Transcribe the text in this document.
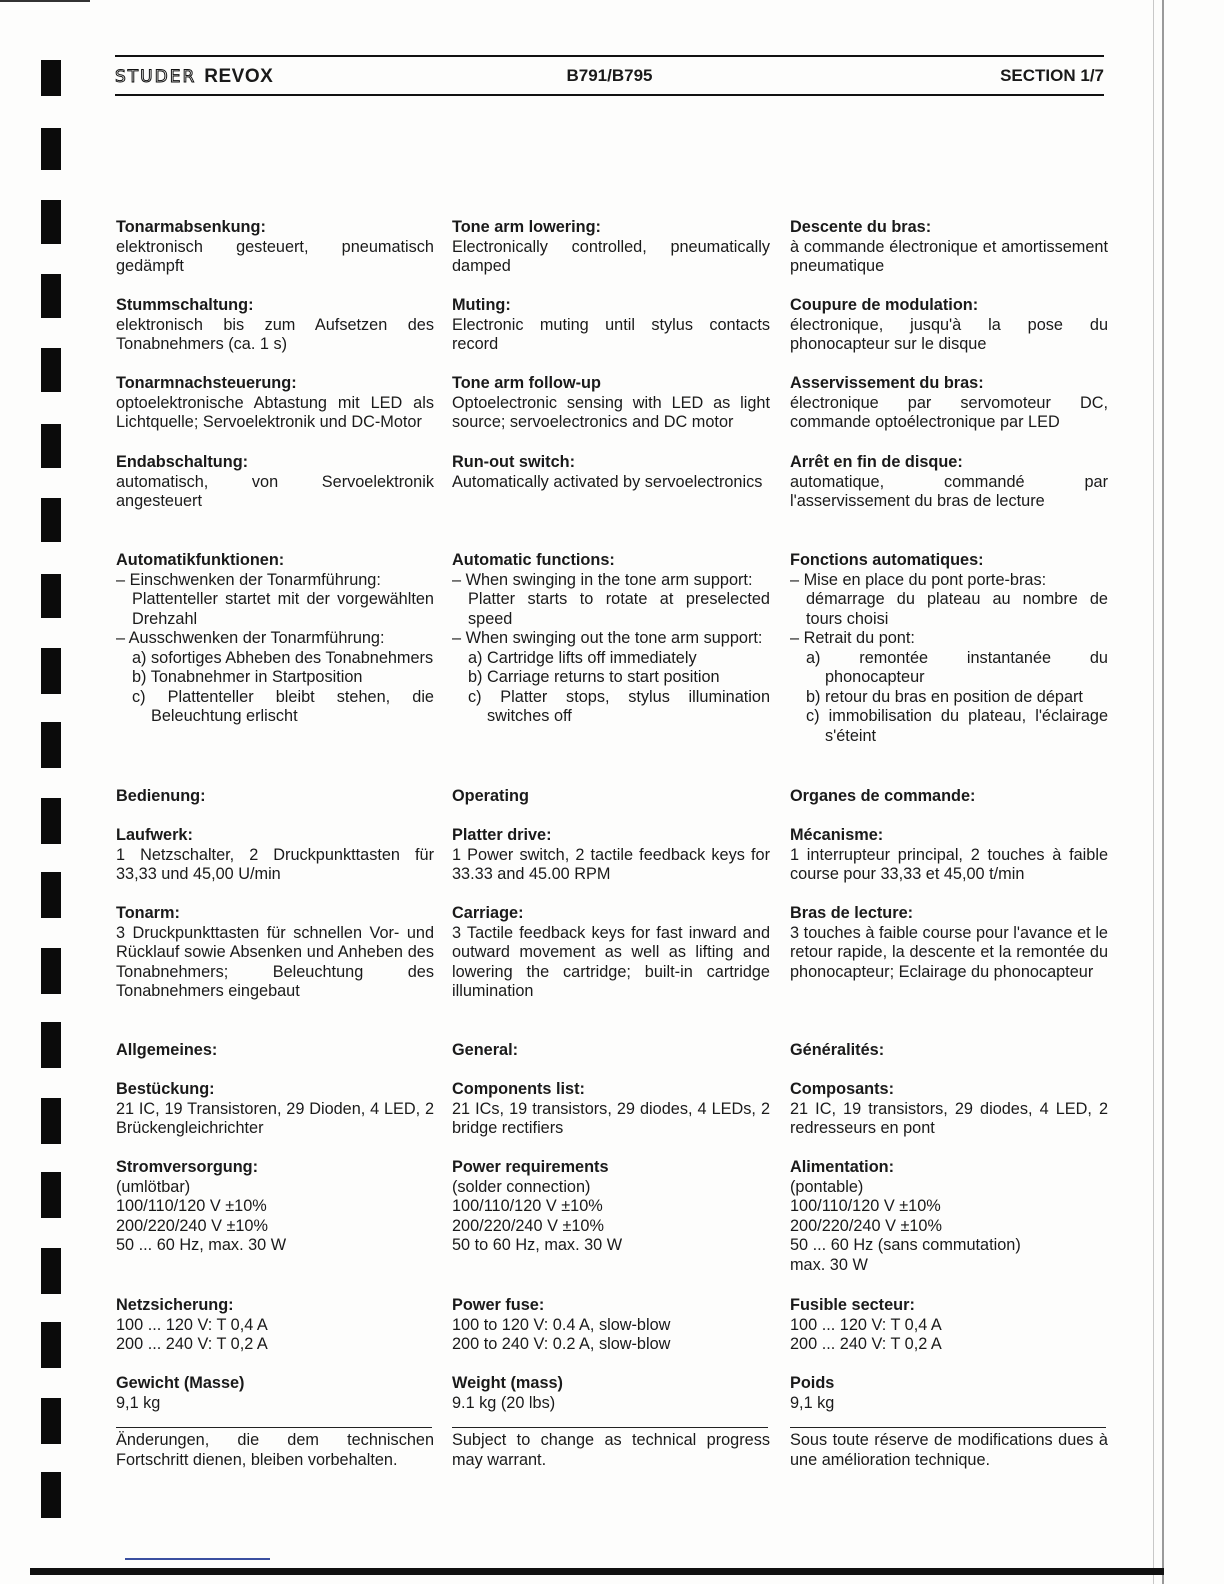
STUDER REVOX	B791/B795	SECTION 1/7
Tonarmabsenkung:
elektronisch gesteuert, pneumatisch gedämpft
Stummschaltung:
elektronisch bis zum Aufsetzen des Tonabnehmers (ca. 1 s)
Tonarmnachsteuerung:
optoelektronische Abtastung mit LED als Lichtquelle; Servoelektronik und DC-Motor
Endabschaltung:
automatisch, von Servoelektronik angesteuert
Automatikfunktionen:
– Einschwenken der Tonarmführung:
Plattenteller startet mit der vorgewählten Drehzahl
– Ausschwenken der Tonarmführung:
a) sofortiges Abheben des Tonabnehmers
b) Tonabnehmer in Startposition
c) Plattenteller bleibt stehen, die Beleuchtung erlischt
Bedienung:
Laufwerk:
1 Netzschalter, 2 Druckpunkttasten für 33,33 und 45,00 U/min
Tonarm:
3 Druckpunkttasten für schnellen Vor- und Rücklauf sowie Absenken und Anheben des Tonabnehmers; Beleuchtung des Tonabnehmers eingebaut
Allgemeines:
Bestückung:
21 IC, 19 Transistoren, 29 Dioden, 4 LED, 2 Brückengleichrichter
Stromversorgung:
(umlötbar)
100/110/120 V ±10%
200/220/240 V ±10%
50 ... 60 Hz, max. 30 W
Netzsicherung:
100 ... 120 V: T 0,4 A
200 ... 240 V: T 0,2 A
Gewicht (Masse)
9,1 kg
Änderungen, die dem technischen Fortschritt dienen, bleiben vorbehalten.
Tone arm lowering:
Electronically controlled, pneumatically damped
Muting:
Electronic muting until stylus contacts record
Tone arm follow-up
Optoelectronic sensing with LED as light source; servoelectronics and DC motor
Run-out switch:
Automatically activated by servoelectronics
Automatic functions:
– When swinging in the tone arm support:
Platter starts to rotate at preselected speed
– When swinging out the tone arm support:
a) Cartridge lifts off immediately
b) Carriage returns to start position
c) Platter stops, stylus illumination switches off
Operating
Platter drive:
1 Power switch, 2 tactile feedback keys for 33.33 and 45.00 RPM
Carriage:
3 Tactile feedback keys for fast inward and outward movement as well as lifting and lowering the cartridge; built-in cartridge illumination
General:
Components list:
21 ICs, 19 transistors, 29 diodes, 4 LEDs, 2 bridge rectifiers
Power requirements
(solder connection)
100/110/120 V ±10%
200/220/240 V ±10%
50 to 60 Hz, max. 30 W
Power fuse:
100 to 120 V: 0.4 A, slow-blow
200 to 240 V: 0.2 A, slow-blow
Weight (mass)
9.1 kg (20 lbs)
Subject to change as technical progress may warrant.
Descente du bras:
à commande électronique et amortissement pneumatique
Coupure de modulation:
électronique, jusqu'à la pose du phonocapteur sur le disque
Asservissement du bras:
électronique par servomoteur DC, commande optoélectronique par LED
Arrêt en fin de disque:
automatique, commandé par l'asservissement du bras de lecture
Fonctions automatiques:
– Mise en place du pont porte-bras:
démarrage du plateau au nombre de tours choisi
– Retrait du pont:
a) remontée instantanée du phonocapteur
b) retour du bras en position de départ
c) immobilisation du plateau, l'éclairage s'éteint
Organes de commande:
Mécanisme:
1 interrupteur principal, 2 touches à faible course pour 33,33 et 45,00 t/min
Bras de lecture:
3 touches à faible course pour l'avance et le retour rapide, la descente et la remontée du phonocapteur; Eclairage du phonocapteur
Généralités:
Composants:
21 IC, 19 transistors, 29 diodes, 4 LED, 2 redresseurs en pont
Alimentation:
(pontable)
100/110/120 V ±10%
200/220/240 V ±10%
50 ... 60 Hz (sans commutation)
max. 30 W
Fusible secteur:
100 ... 120 V: T 0,4 A
200 ... 240 V: T 0,2 A
Poids
9,1 kg
Sous toute réserve de modifications dues à une amélioration technique.
